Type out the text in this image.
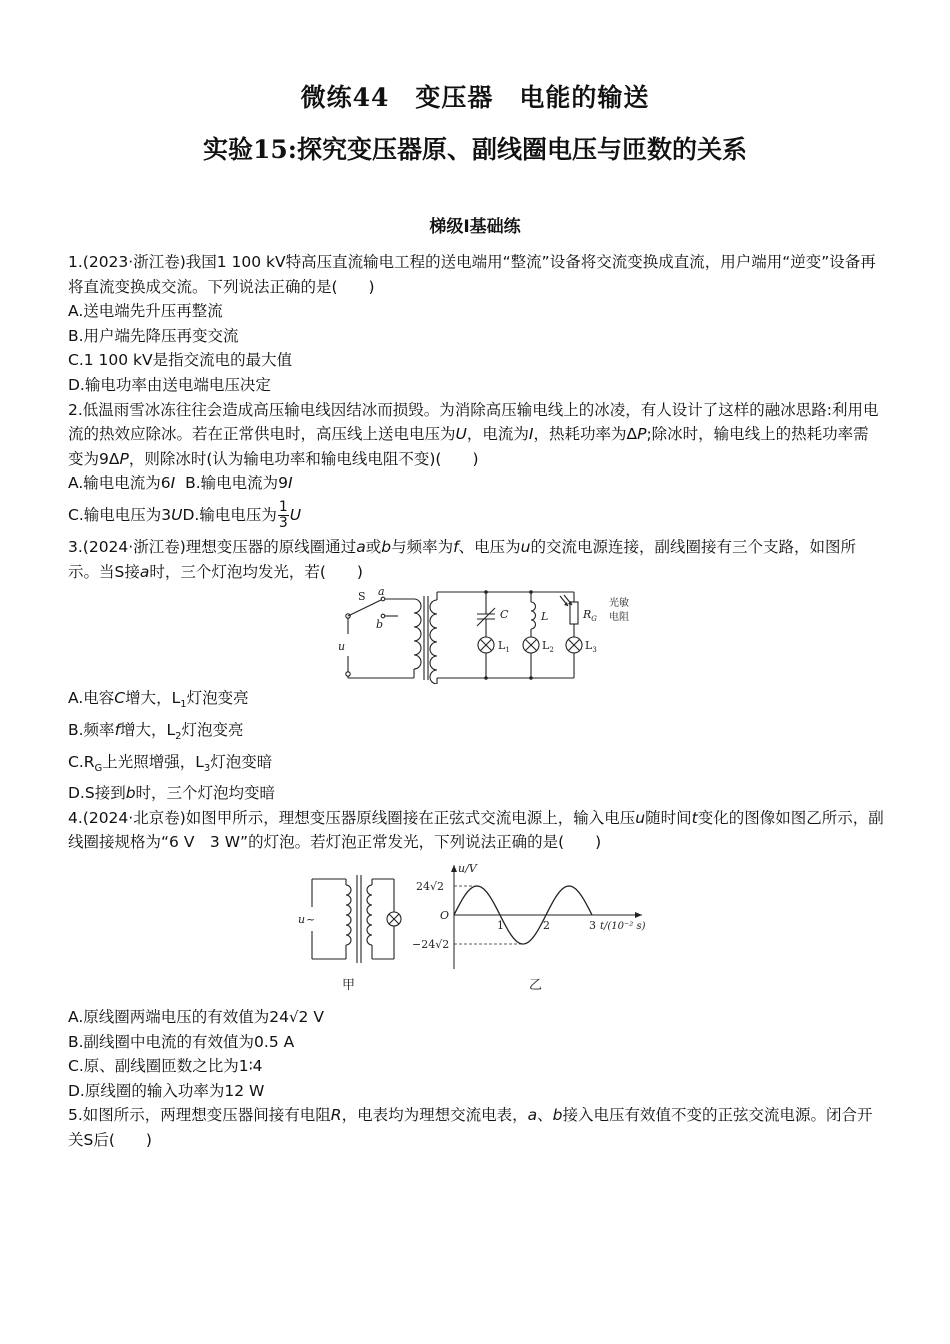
微练44　变压器　电能的输送
实验15:探究变压器原、副线圈电压与匝数的关系
梯级Ⅰ基础练

1.(2023·浙江卷)我国1 100 kV特高压直流输电工程的送电端用“整流”设备将交流变换成直流，用户端用“逆变”设备再将直流变换成交流。下列说法正确的是(　　)

A.送电端先升压再整流

B.用户端先降压再变交流

C.1 100 kV是指交流电的最大值

D.输电功率由送电端电压决定

2.低温雨雪冰冻往往会造成高压输电线因结冰而损毁。为消除高压输电线上的冰凌，有人设计了这样的融冰思路:利用电流的热效应除冰。若在正常供电时，高压线上送电电压为U，电流为I，热耗功率为ΔP;除冰时，输电线上的热耗功率需变为9ΔP，则除冰时(认为输电功率和输电线电阻不变)(　　)

A.输电电流为6I B.输电电流为9I

C.输电电压为3UD.输电电压为 $\frac{1}{3}$ U

3.(2024·浙江卷)理想变压器的原线圈通过a或b与频率为f、电压为u的交流电源连接，副线圈接有三个支路，如图所示。当S接a时，三个灯泡均发光，若(　　)

S a
b
u
C	L	$R_G$
光敏
电阻
$L_1$	$L_2$	$L_3$

A.电容C增大，$L_1$灯泡变亮

B.频率f增大，$L_2$灯泡变亮

$C.R_G$上光照增强，$L_3$灯泡变暗

D.S接到b时，三个灯泡均变暗

4.(2024·北京卷)如图甲所示，理想变压器原线圈接在正弦式交流电源上，输入电压u随时间t变化的图像如图乙所示，副线圈接规格为“6 V　3 W”的灯泡。若灯泡正常发光，下列说法正确的是(　　)

u ~
甲	乙
u/V
24√2
−24√2
O
1	2	3 t/(10⁻² s)

A.原线圈两端电压的有效值为24√2 V

B.副线圈中电流的有效值为0.5 A

C.原、副线圈匝数之比为1∶4

D.原线圈的输入功率为12 W

5.如图所示，两理想变压器间接有电阻R，电表均为理想交流电表，a、b接入电压有效值不变的正弦交流电源。闭合开关S后(　　)
